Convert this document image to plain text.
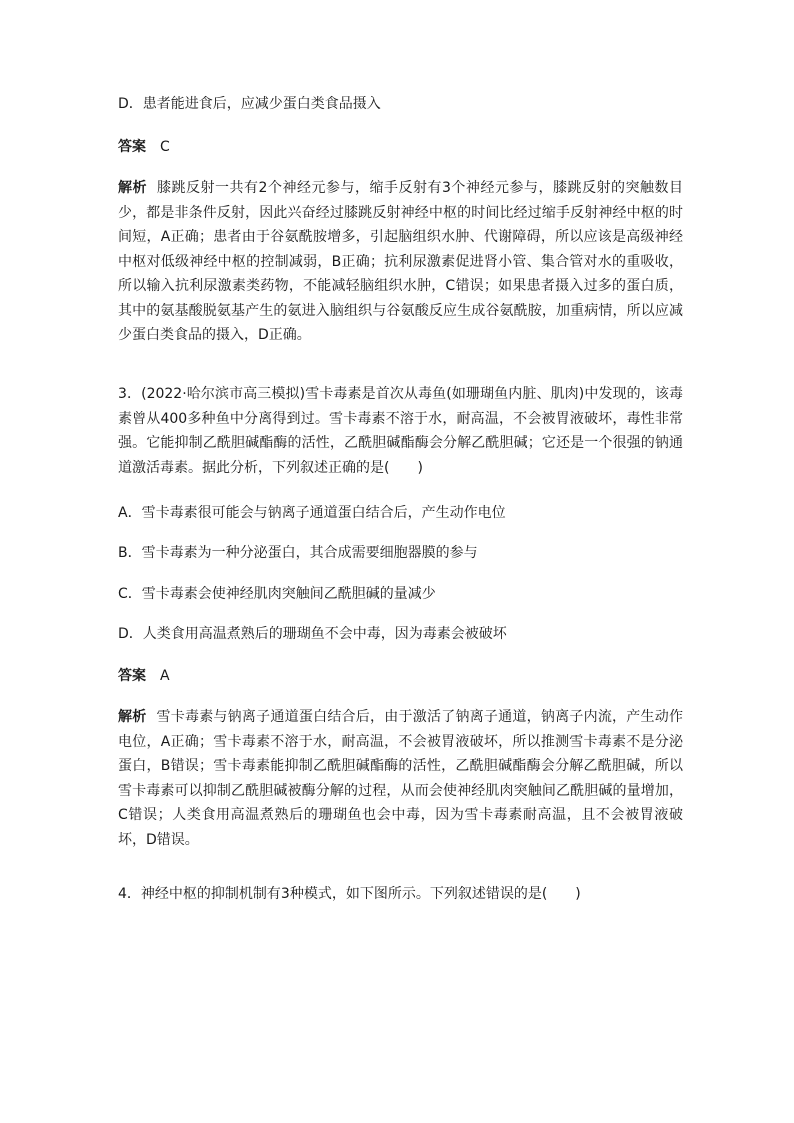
D．患者能进食后，应减少蛋白类食品摄入

答案 C

解析 膝跳反射一共有2个神经元参与，缩手反射有3个神经元参与，膝跳反射的突触数目少，都是非条件反射，因此兴奋经过膝跳反射神经中枢的时间比经过缩手反射神经中枢的时间短，A正确；患者由于谷氨酰胺增多，引起脑组织水肿、代谢障碍，所以应该是高级神经中枢对低级神经中枢的控制减弱，B正确；抗利尿激素促进肾小管、集合管对水的重吸收，所以输入抗利尿激素类药物，不能减轻脑组织水肿，C错误；如果患者摄入过多的蛋白质，其中的氨基酸脱氨基产生的氨进入脑组织与谷氨酸反应生成谷氨酰胺，加重病情，所以应减少蛋白类食品的摄入，D正确。

3．(2022·哈尔滨市高三模拟)雪卡毒素是首次从毒鱼(如珊瑚鱼内脏、肌肉)中发现的，该毒素曾从400多种鱼中分离得到过。雪卡毒素不溶于水，耐高温，不会被胃液破坏，毒性非常强。它能抑制乙酰胆碱酯酶的活性，乙酰胆碱酯酶会分解乙酰胆碱；它还是一个很强的钠通道激活毒素。据此分析，下列叙述正确的是(　　)

A．雪卡毒素很可能会与钠离子通道蛋白结合后，产生动作电位

B．雪卡毒素为一种分泌蛋白，其合成需要细胞器膜的参与

C．雪卡毒素会使神经肌肉突触间乙酰胆碱的量减少

D．人类食用高温煮熟后的珊瑚鱼不会中毒，因为毒素会被破坏

答案 A

解析 雪卡毒素与钠离子通道蛋白结合后，由于激活了钠离子通道，钠离子内流，产生动作电位，A正确；雪卡毒素不溶于水，耐高温，不会被胃液破坏，所以推测雪卡毒素不是分泌蛋白，B错误；雪卡毒素能抑制乙酰胆碱酯酶的活性，乙酰胆碱酯酶会分解乙酰胆碱，所以雪卡毒素可以抑制乙酰胆碱被酶分解的过程，从而会使神经肌肉突触间乙酰胆碱的量增加，C错误；人类食用高温煮熟后的珊瑚鱼也会中毒，因为雪卡毒素耐高温，且不会被胃液破坏，D错误。

4．神经中枢的抑制机制有3种模式，如下图所示。下列叙述错误的是(　　)
